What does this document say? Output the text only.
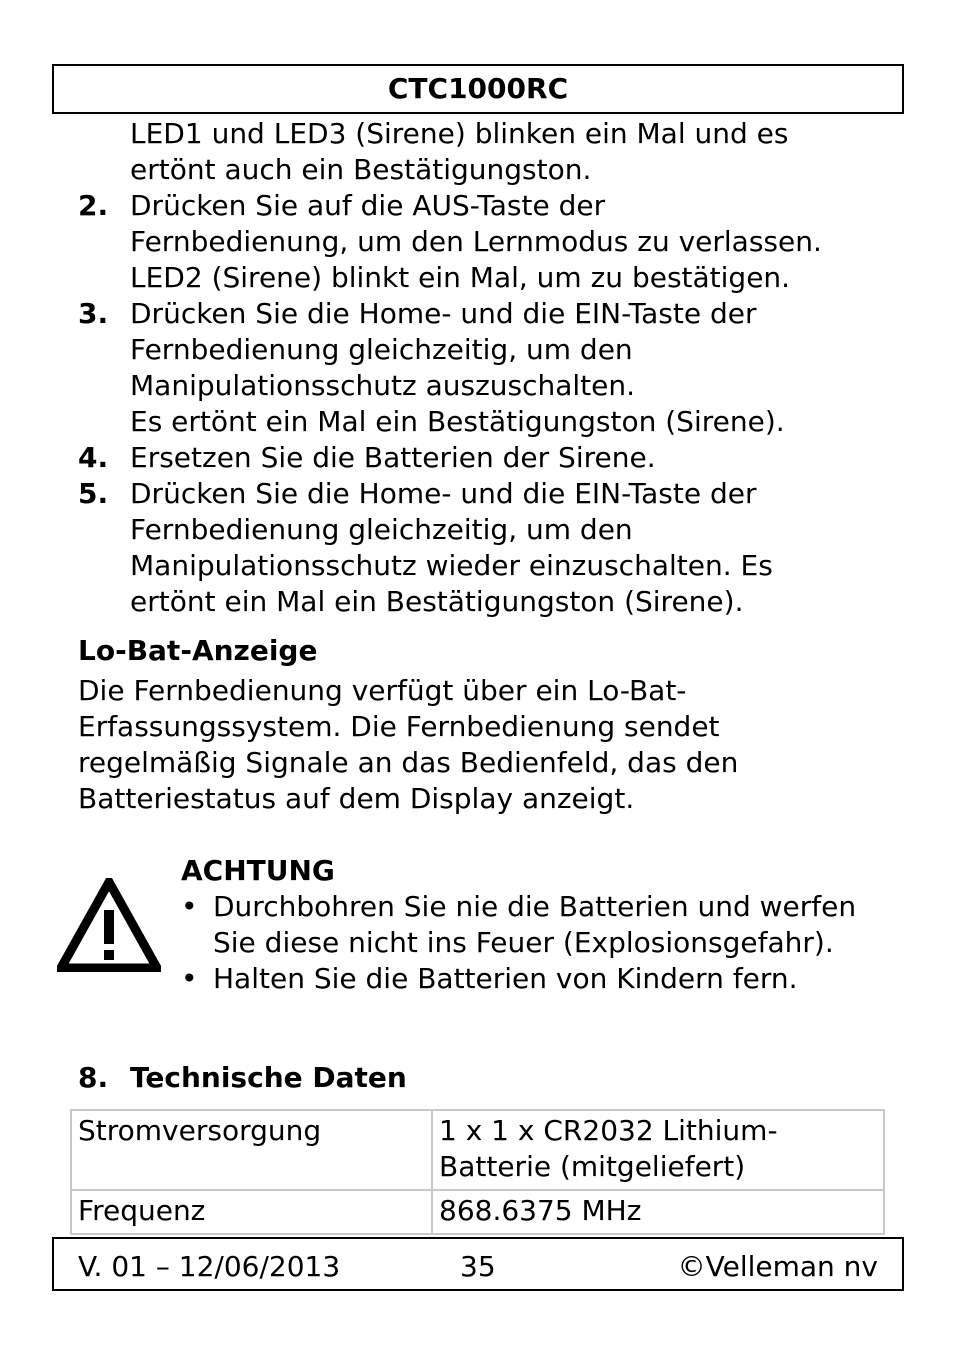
CTC1000RC
LED1 und LED3 (Sirene) blinken ein Mal und es
ertönt auch ein Bestätigungston.
2. Drücken Sie auf die AUS-Taste der
Fernbedienung, um den Lernmodus zu verlassen.
LED2 (Sirene) blinkt ein Mal, um zu bestätigen.
3. Drücken Sie die Home- und die EIN-Taste der
Fernbedienung gleichzeitig, um den
Manipulationsschutz auszuschalten.
Es ertönt ein Mal ein Bestätigungston (Sirene).
4. Ersetzen Sie die Batterien der Sirene.
5. Drücken Sie die Home- und die EIN-Taste der
Fernbedienung gleichzeitig, um den
Manipulationsschutz wieder einzuschalten. Es
ertönt ein Mal ein Bestätigungston (Sirene).
Lo-Bat-Anzeige
Die Fernbedienung verfügt über ein Lo-Bat-
Erfassungssystem. Die Fernbedienung sendet
regelmäßig Signale an das Bedienfeld, das den
Batteriestatus auf dem Display anzeigt.
ACHTUNG
• Durchbohren Sie nie die Batterien und werfen
Sie diese nicht ins Feuer (Explosionsgefahr).
• Halten Sie die Batterien von Kindern fern.
8. Technische Daten
Stromversorgung	1 x 1 x CR2032 Lithium-
Batterie (mitgeliefert)

Frequenz	868.6375 MHz
V. 01 – 12/06/2013	35	©Velleman nv
